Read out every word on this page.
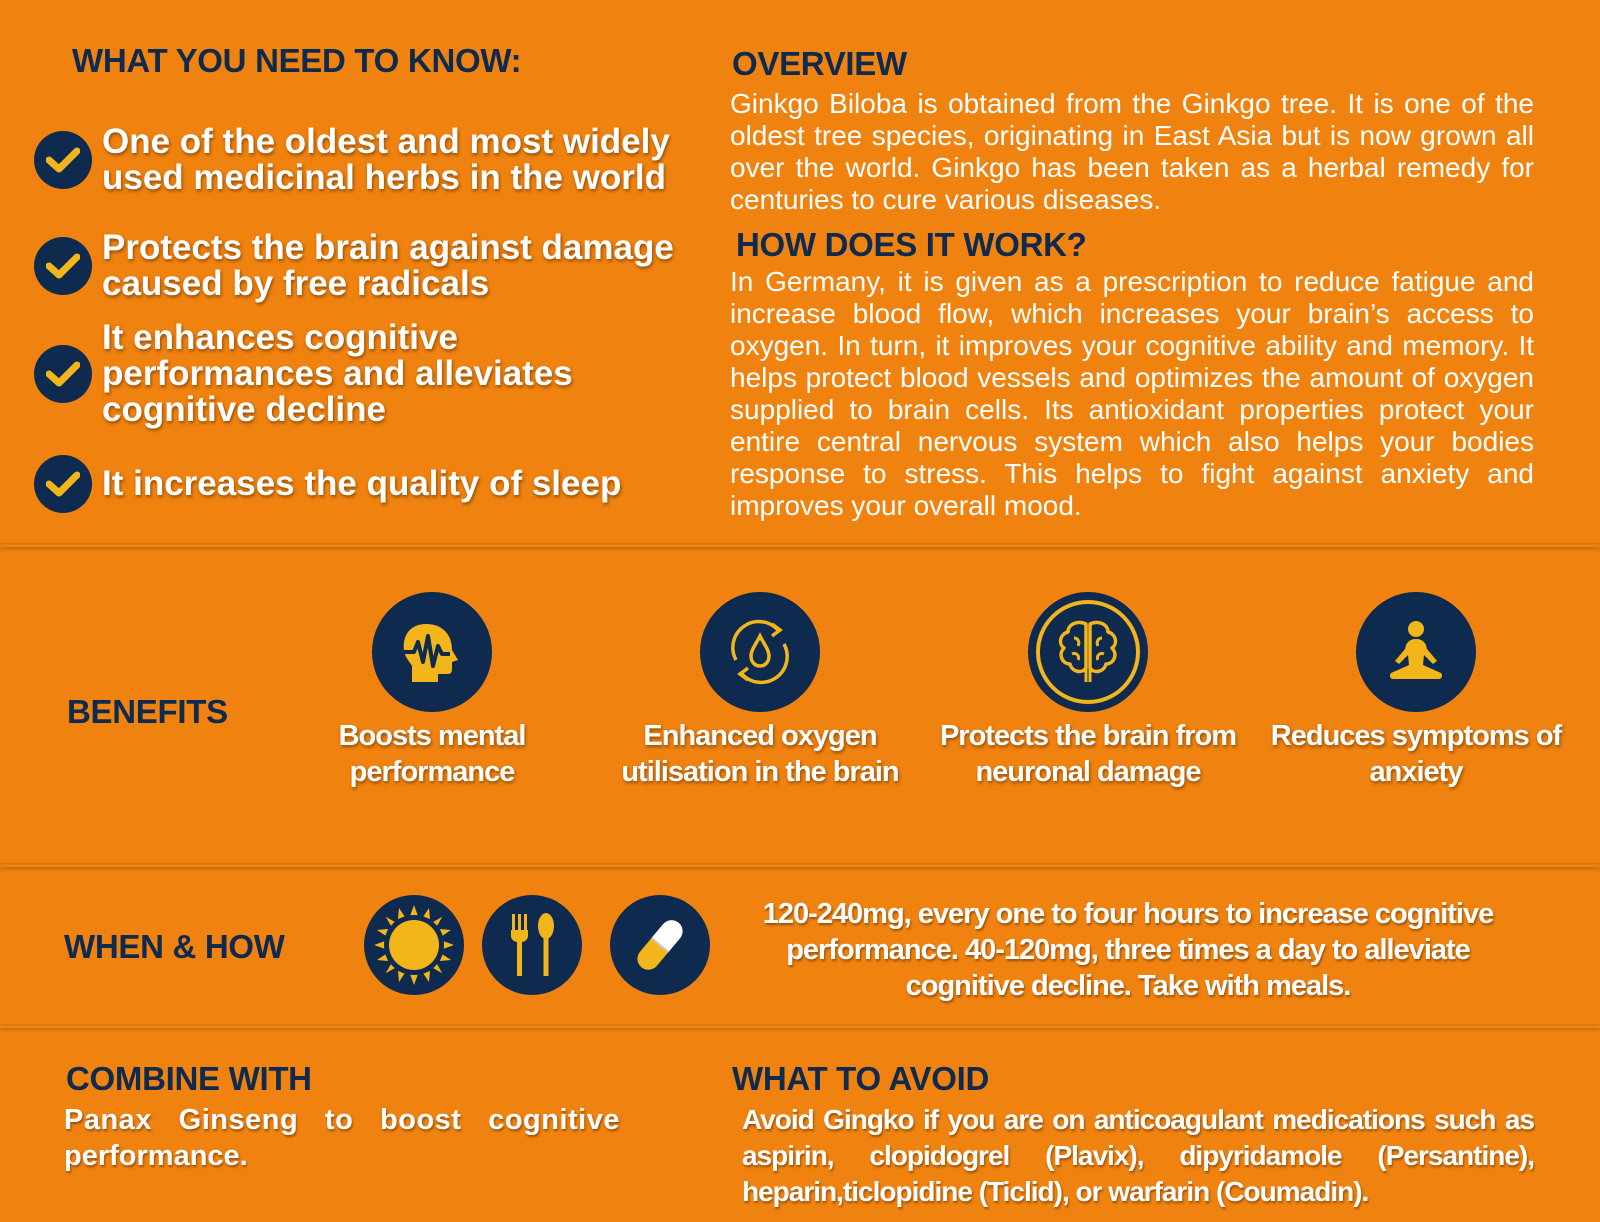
WHAT YOU NEED TO KNOW:
One of the oldest and most widely
used medicinal herbs in the world
Protects the brain against damage
caused by free radicals
It enhances cognitive
performances and alleviates
cognitive decline
It increases the quality of sleep
OVERVIEW
Ginkgo Biloba is obtained from the Ginkgo tree. It is one of the oldest tree species, originating in East Asia but is now grown all over the world. Ginkgo has been taken as a herbal remedy for centuries to cure various diseases.
HOW DOES IT WORK?
In Germany, it is given as a prescription to reduce fatigue and increase blood flow, which increases your brain’s access to oxygen. In turn, it improves your cognitive ability and memory. It helps protect blood vessels and optimizes the amount of oxygen supplied to brain cells. Its antioxidant properties protect your entire central nervous system which also helps your bodies response to stress. This helps to fight against anxiety and improves your overall mood.
BENEFITS
Boosts mental
performance
Enhanced oxygen
utilisation in the brain
Protects the brain from
neuronal damage
Reduces symptoms of
anxiety
WHEN & HOW
120-240mg, every one to four hours to increase cognitive
performance. 40-120mg, three times a day to alleviate
cognitive decline. Take with meals.
COMBINE WITH
Panax Ginseng to boost cognitive
performance.
WHAT TO AVOID
Avoid Gingko if you are on anticoagulant medications such as
aspirin, clopidogrel (Plavix), dipyridamole (Persantine),
heparin,ticlopidine (Ticlid), or warfarin (Coumadin).
